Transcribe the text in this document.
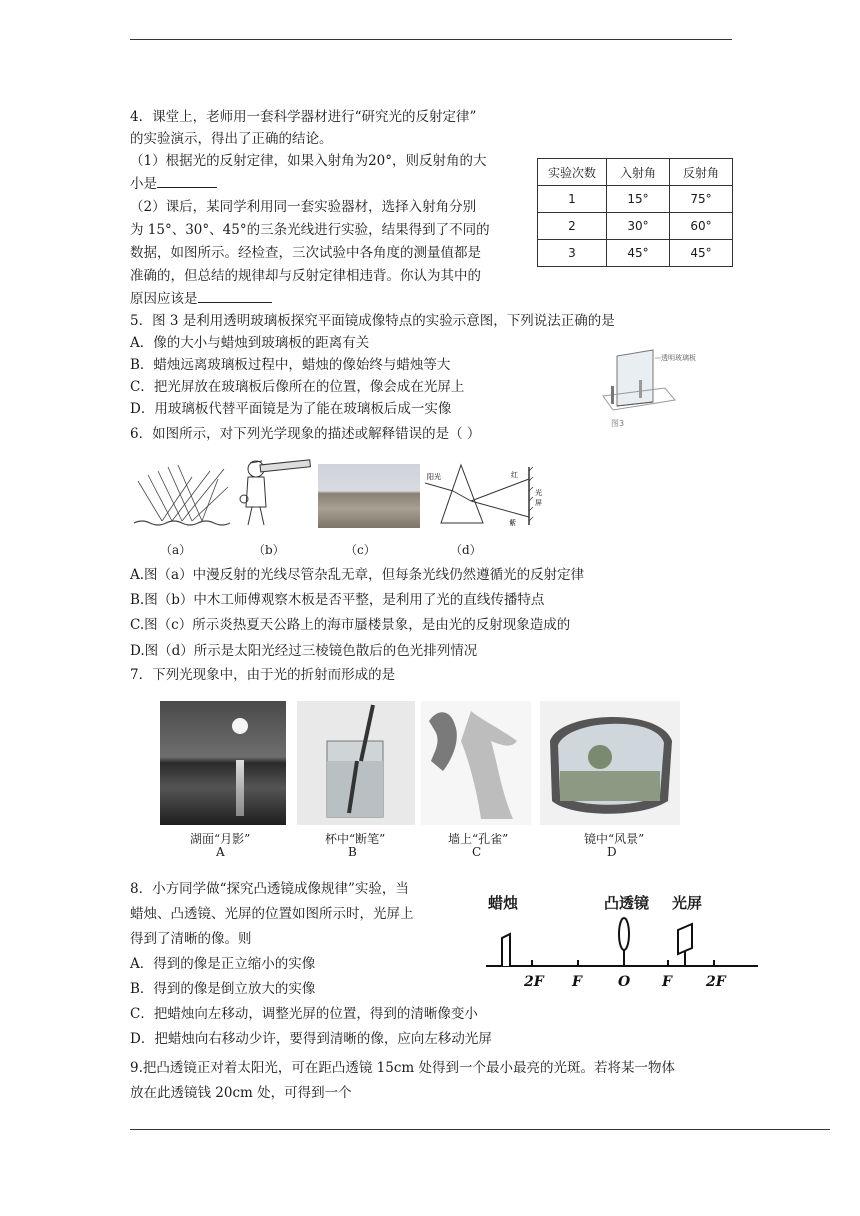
4．课堂上，老师用一套科学器材进行“研究光的反射定律”
的实验演示，得出了正确的结论。
（1）根据光的反射定律，如果入射角为20°，则反射角的大
小是
（2）课后，某同学利用同一套实验器材，选择入射角分别
为 15°、30°、45°的三条光线进行实验，结果得到了不同的
数据，如图所示。经检查，三次试验中各角度的测量值都是
准确的，但总结的规律却与反射定律相违背。你认为其中的
原因应该是
实验次数	入射角	反射角
1	15°	75°
2	30°	60°
3	45°	45°
5．图 3 是利用透明玻璃板探究平面镜成像特点的实验示意图，下列说法正确的是
A．像的大小与蜡烛到玻璃板的距离有关
B．蜡烛远离玻璃板过程中，蜡烛的像始终与蜡烛等大
C．把光屏放在玻璃板后像所在的位置，像会成在光屏上
D．用玻璃板代替平面镜是为了能在玻璃板后成一实像
透明玻璃板
图3
6．如图所示，对下列光学现象的描述或解释错误的是（ ）
阳光	红
紫
光
屏
（a）	（b）	（c）	（d）
A.图（a）中漫反射的光线尽管杂乱无章，但每条光线仍然遵循光的反射定律
B.图（b）中木工师傅观察木板是否平整，是利用了光的直线传播特点
C.图（c）所示炎热夏天公路上的海市蜃楼景象，是由光的反射现象造成的
D.图（d）所示是太阳光经过三棱镜色散后的色光排列情况
7．下列光现象中，由于光的折射而形成的是
湖面“月影”
A
杯中“断笔”
B
墙上“孔雀”
C
镜中“风景”
D
8．小方同学做“探究凸透镜成像规律”实验，当
蜡烛、凸透镜、光屏的位置如图所示时，光屏上
得到了清晰的像。则
A．得到的像是正立缩小的实像
B．得到的像是倒立放大的实像
C．把蜡烛向左移动，调整光屏的位置，得到的清晰像变小
D．把蜡烛向右移动少许，要得到清晰的像，应向左移动光屏
蜡烛	凸透镜 光屏
2F F	O F 2F
9.把凸透镜正对着太阳光，可在距凸透镜 15cm 处得到一个最小最亮的光斑。若将某一物体
放在此透镜钱 20cm 处，可得到一个
